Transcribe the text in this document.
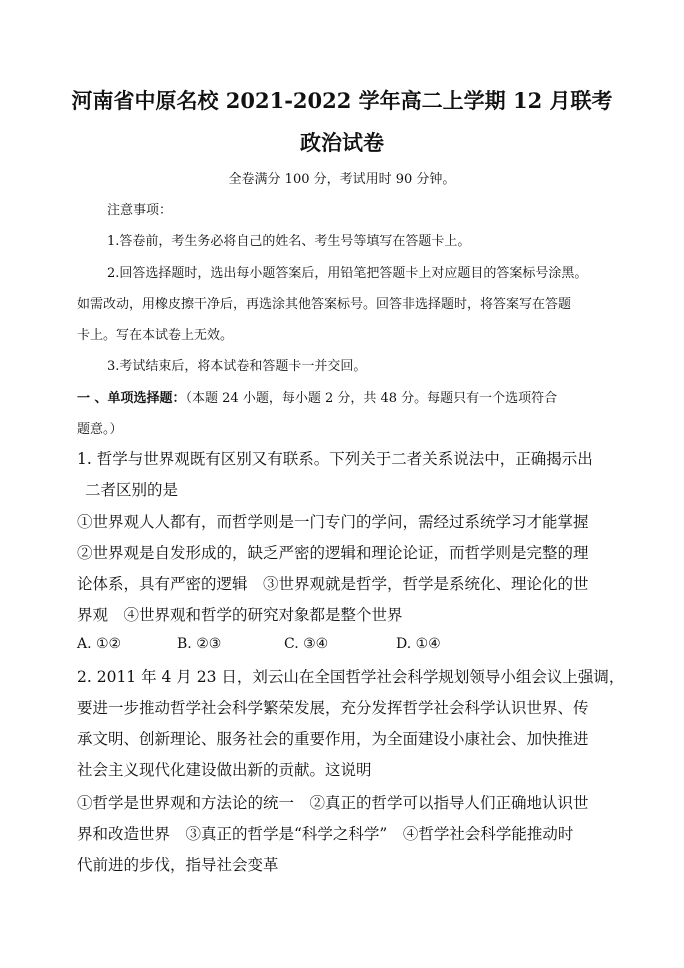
河南省中原名校 2021-2022 学年高二上学期 12 月联考
政治试卷
全卷满分 100 分，考试用时 90 分钟。
注意事项：
1.答卷前，考生务必将自己的姓名、考生号等填写在答题卡上。
2.回答选择题时，选出每小题答案后，用铅笔把答题卡上对应题目的答案标号涂黑。
如需改动，用橡皮擦干净后，再选涂其他答案标号。回答非选择题时，将答案写在答题
卡上。写在本试卷上无效。
3.考试结束后，将本试卷和答题卡一并交回。
一 、单项选择题：（本题 24 小题，每小题 2 分，共 48 分。每题只有一个选项符合
题意。）
1. 哲学与世界观既有区别又有联系。下列关于二者关系说法中，正确揭示出
二者区别的是
①世界观人人都有，而哲学则是一门专门的学问，需经过系统学习才能掌握
②世界观是自发形成的，缺乏严密的逻辑和理论论证，而哲学则是完整的理
论体系，具有严密的逻辑　③世界观就是哲学，哲学是系统化、理论化的世
界观　④世界观和哲学的研究对象都是整个世界
A. ①②	B. ②③	C. ③④	D. ①④
2. 2011 年 4 月 23 日，刘云山在全国哲学社会科学规划领导小组会议上强调，
要进一步推动哲学社会科学繁荣发展，充分发挥哲学社会科学认识世界、传
承文明、创新理论、服务社会的重要作用，为全面建设小康社会、加快推进
社会主义现代化建设做出新的贡献。这说明
①哲学是世界观和方法论的统一　②真正的哲学可以指导人们正确地认识世
界和改造世界　③真正的哲学是“科学之科学”　④哲学社会科学能推动时
代前进的步伐，指导社会变革
